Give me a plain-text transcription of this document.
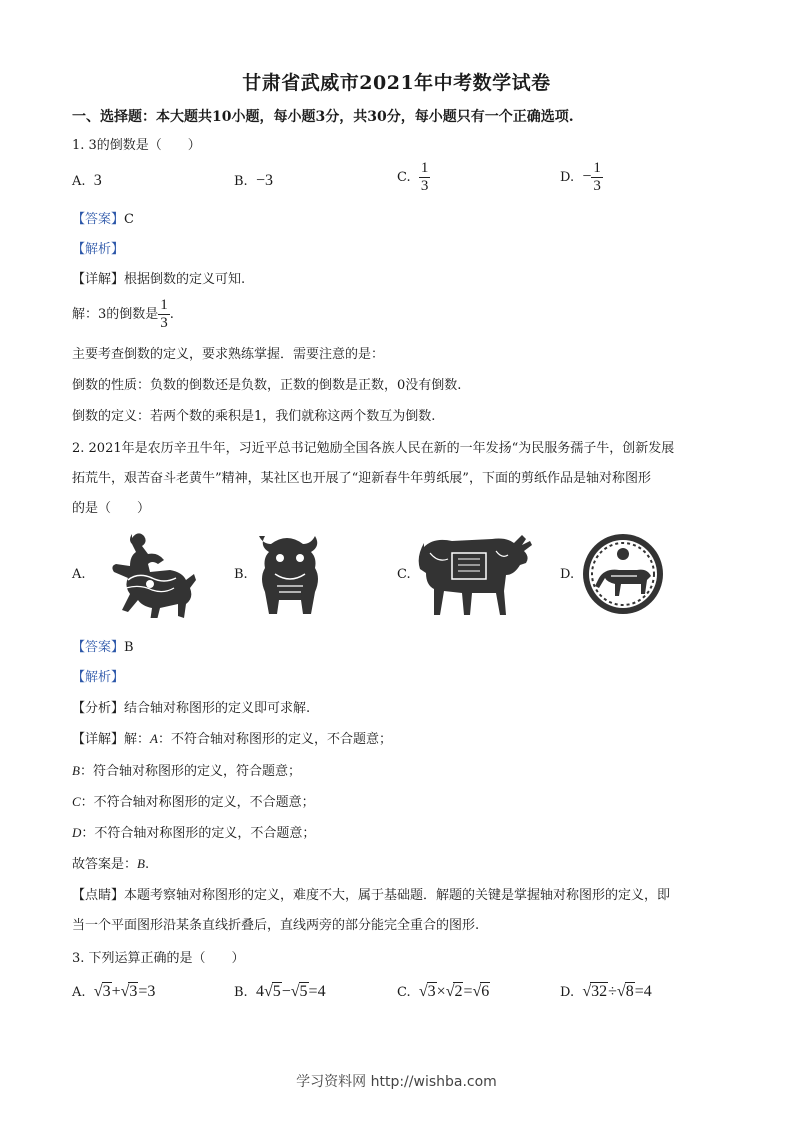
甘肃省武威市2021年中考数学试卷
一、选择题：本大题共10小题，每小题3分，共30分，每小题只有一个正确选项.
1. 3的倒数是（　　）
A. 3	B. −3	C. $\frac{1}{3}$	D. − $\frac{1}{3}$
【答案】C
【解析】
【详解】根据倒数的定义可知.
解：3的倒数是 $\frac{1}{3}$ .
主要考查倒数的定义，要求熟练掌握．需要注意的是：
倒数的性质：负数的倒数还是负数，正数的倒数是正数，0没有倒数.
倒数的定义：若两个数的乘积是1，我们就称这两个数互为倒数.
2. 2021年是农历辛丑牛年，习近平总书记勉励全国各族人民在新的一年发扬“为民服务孺子牛，创新发展
拓荒牛，艰苦奋斗老黄牛”精神，某社区也开展了“迎新春牛年剪纸展”，下面的剪纸作品是轴对称图形
的是（　　）
A.	B.	C.	D.
【答案】B
【解析】
【分析】结合轴对称图形的定义即可求解.
【详解】解：A：不符合轴对称图形的定义，不合题意；
B：符合轴对称图形的定义，符合题意；
C：不符合轴对称图形的定义，不合题意；
D：不符合轴对称图形的定义，不合题意；
故答案是：B.
【点睛】本题考察轴对称图形的定义，难度不大，属于基础题．解题的关键是掌握轴对称图形的定义，即
当一个平面图形沿某条直线折叠后，直线两旁的部分能完全重合的图形.
3. 下列运算正确的是（　　）
A. √3+√3=3	B. 4√5−√5=4	C. √3×√2=√6	D. √32÷√8=4
学习资料网 http://wishba.com
